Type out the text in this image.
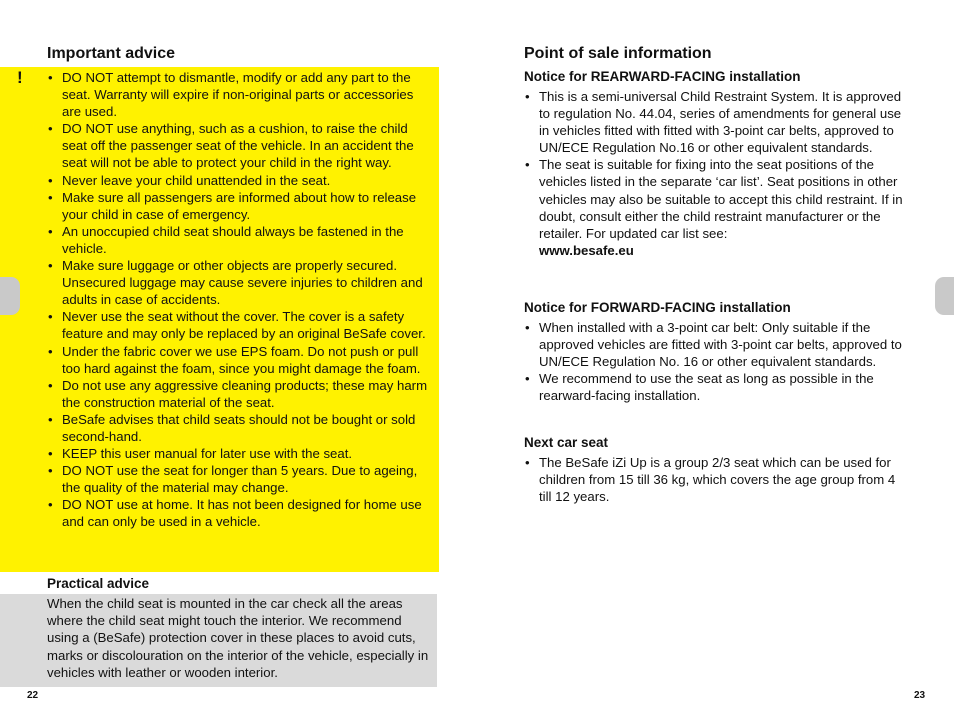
Important advice
!
•	DO NOT attempt to dismantle, modify or add any part to the seat. Warranty will expire if non-original parts or accessories are used.
• DO NOT use anything, such as a cushion, to raise the child seat off the passenger seat of the vehicle. In an accident the seat will not be able to protect your child in the right way.
• Never leave your child unattended in the seat.
• Make sure all passengers are informed about how to release your child in case of emergency.
• An unoccupied child seat should always be fastened in the vehicle.
• Make sure luggage or other objects are properly secured. Unsecured luggage may cause severe injuries to children and adults in case of accidents.
• Never use the seat without the cover. The cover is a safety feature and may only be replaced by an original BeSafe cover.
• Under the fabric cover we use EPS foam. Do not push or pull too hard against the foam, since you might damage the foam.
• Do not use any aggressive cleaning products; these may harm the construction material of the seat.
• BeSafe advises that child seats should not be bought or sold second-hand.
• KEEP this user manual for later use with the seat.
• DO NOT use the seat for longer than 5 years. Due to ageing, the quality of the material may change.
• DO NOT use at home. It has not been designed for home use and can only be used in a vehicle.
Practical advice
When the child seat is mounted in the car check all the areas where the child seat might touch the interior. We recommend using a (BeSafe) protection cover in these places to avoid cuts, marks or discolouration on the interior of the vehicle, especially in vehicles with leather or wooden interior.
22
Point of sale information
Notice for REARWARD-FACING installation
• This is a semi-universal Child Restraint System. It is approved to regulation No. 44.04, series of amendments for general use in vehicles fitted with fitted with 3-point car belts, approved to UN/ECE Regulation No.16 or other equivalent standards.
• The seat is suitable for fixing into the seat positions of the vehicles listed in the separate ‘car list’. Seat positions in other vehicles may also be suitable to accept this child restraint. If in doubt, consult either the child restraint manufacturer or the retailer. For updated car list see:
www.besafe.eu
Notice for FORWARD-FACING installation
• When installed with a 3-point car belt: Only suitable if the approved vehicles are fitted with 3-point car belts, approved to UN/ECE Regulation No. 16 or other equivalent standards.
• We recommend to use the seat as long as possible in the rearward-facing installation.
Next car seat
• The BeSafe iZi Up is a group 2/3 seat which can be used for children from 15 till 36 kg, which covers the age group from 4 till 12 years.
23
